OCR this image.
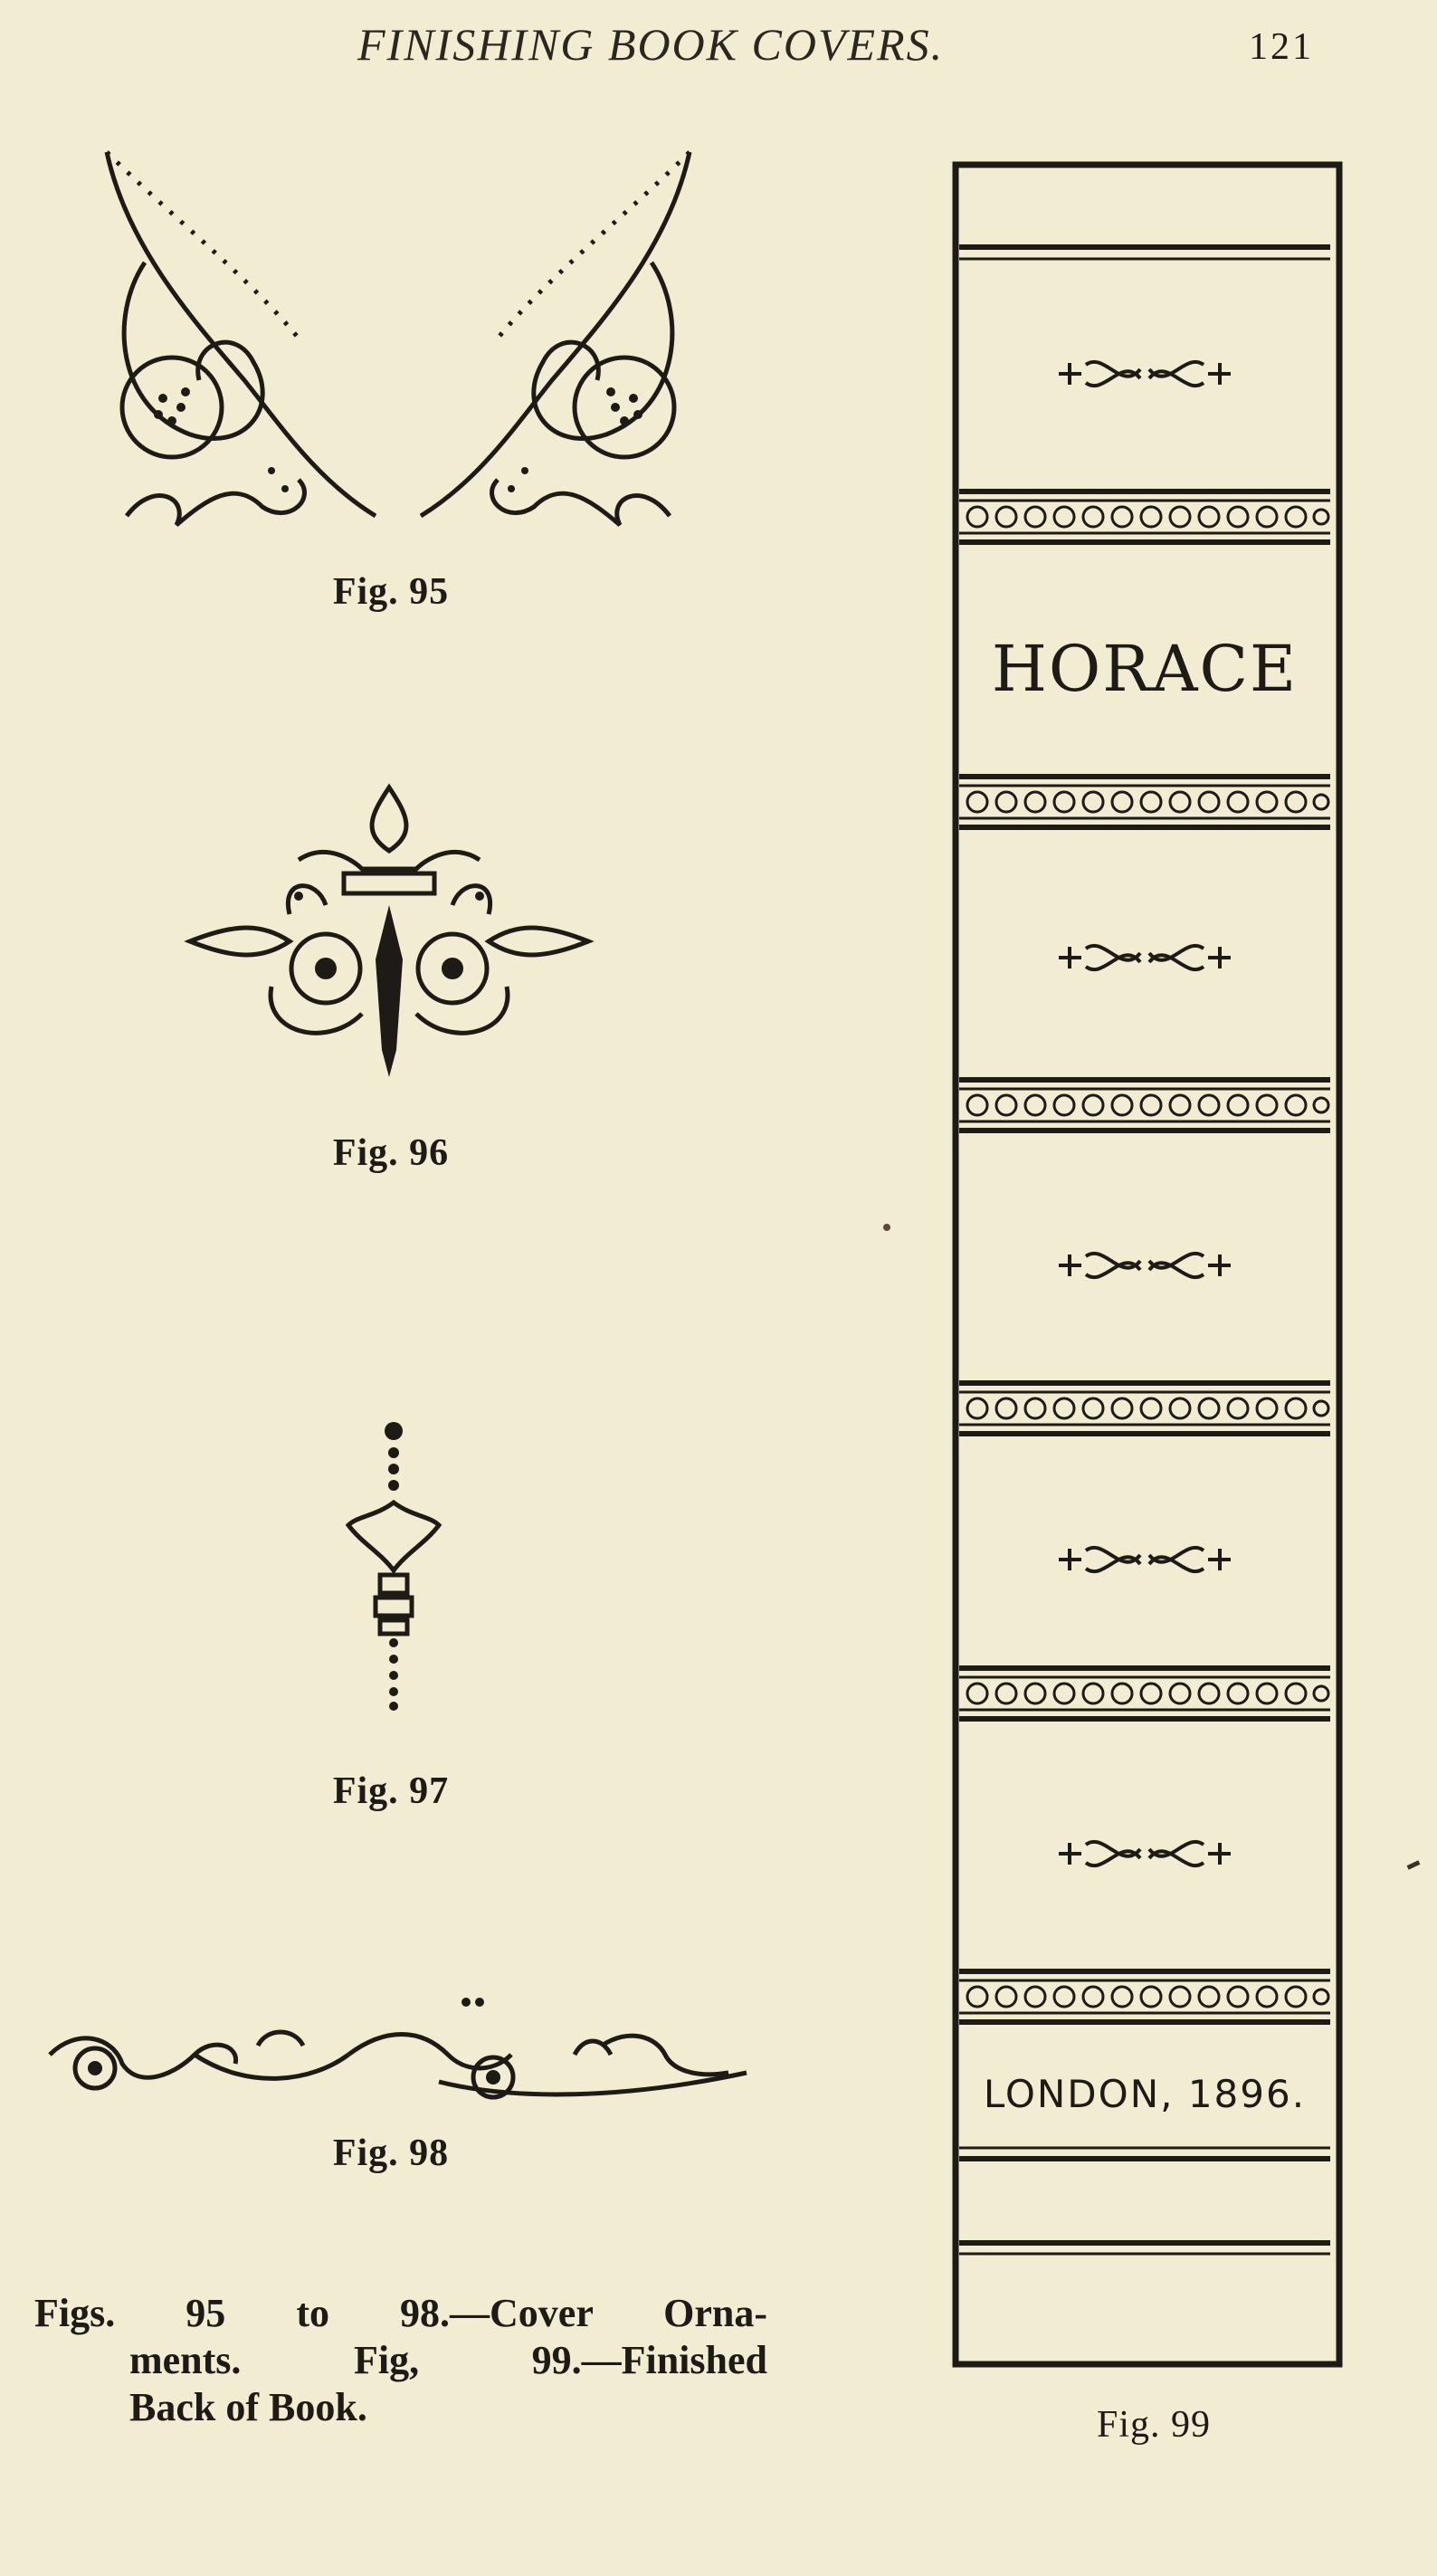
FINISHING BOOK COVERS.	121
Fig. 95
Fig. 96
Fig. 97
Fig. 98
Figs. 95 to 98.—Cover Orna-
ments. Fig, 99.—Finished
Back of Book.
HORACE
LONDON, 1896.
Fig. 99
